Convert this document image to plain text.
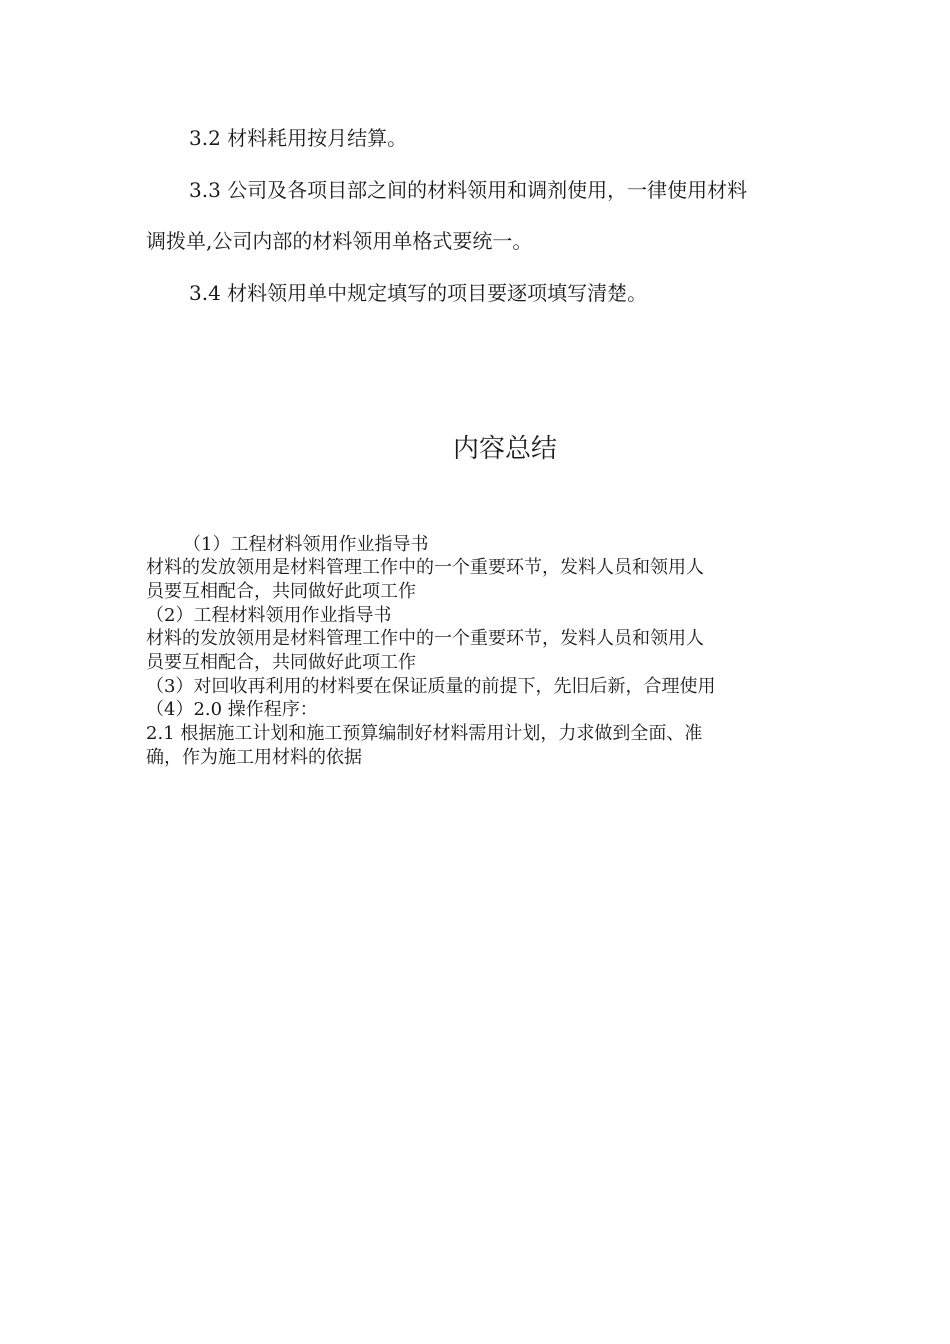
3.2 材料耗用按月结算。
3.3 公司及各项目部之间的材料领用和调剂使用，一律使用材料
调拨单,公司内部的材料领用单格式要统一。
3.4 材料领用单中规定填写的项目要逐项填写清楚。
内容总结
（1）工程材料领用作业指导书
材料的发放领用是材料管理工作中的一个重要环节，发料人员和领用人
员要互相配合，共同做好此项工作
（2）工程材料领用作业指导书
材料的发放领用是材料管理工作中的一个重要环节，发料人员和领用人
员要互相配合，共同做好此项工作
（3）对回收再利用的材料要在保证质量的前提下，先旧后新，合理使用
（4）2.0 操作程序：
2.1 根据施工计划和施工预算编制好材料需用计划，力求做到全面、准
确，作为施工用材料的依据
